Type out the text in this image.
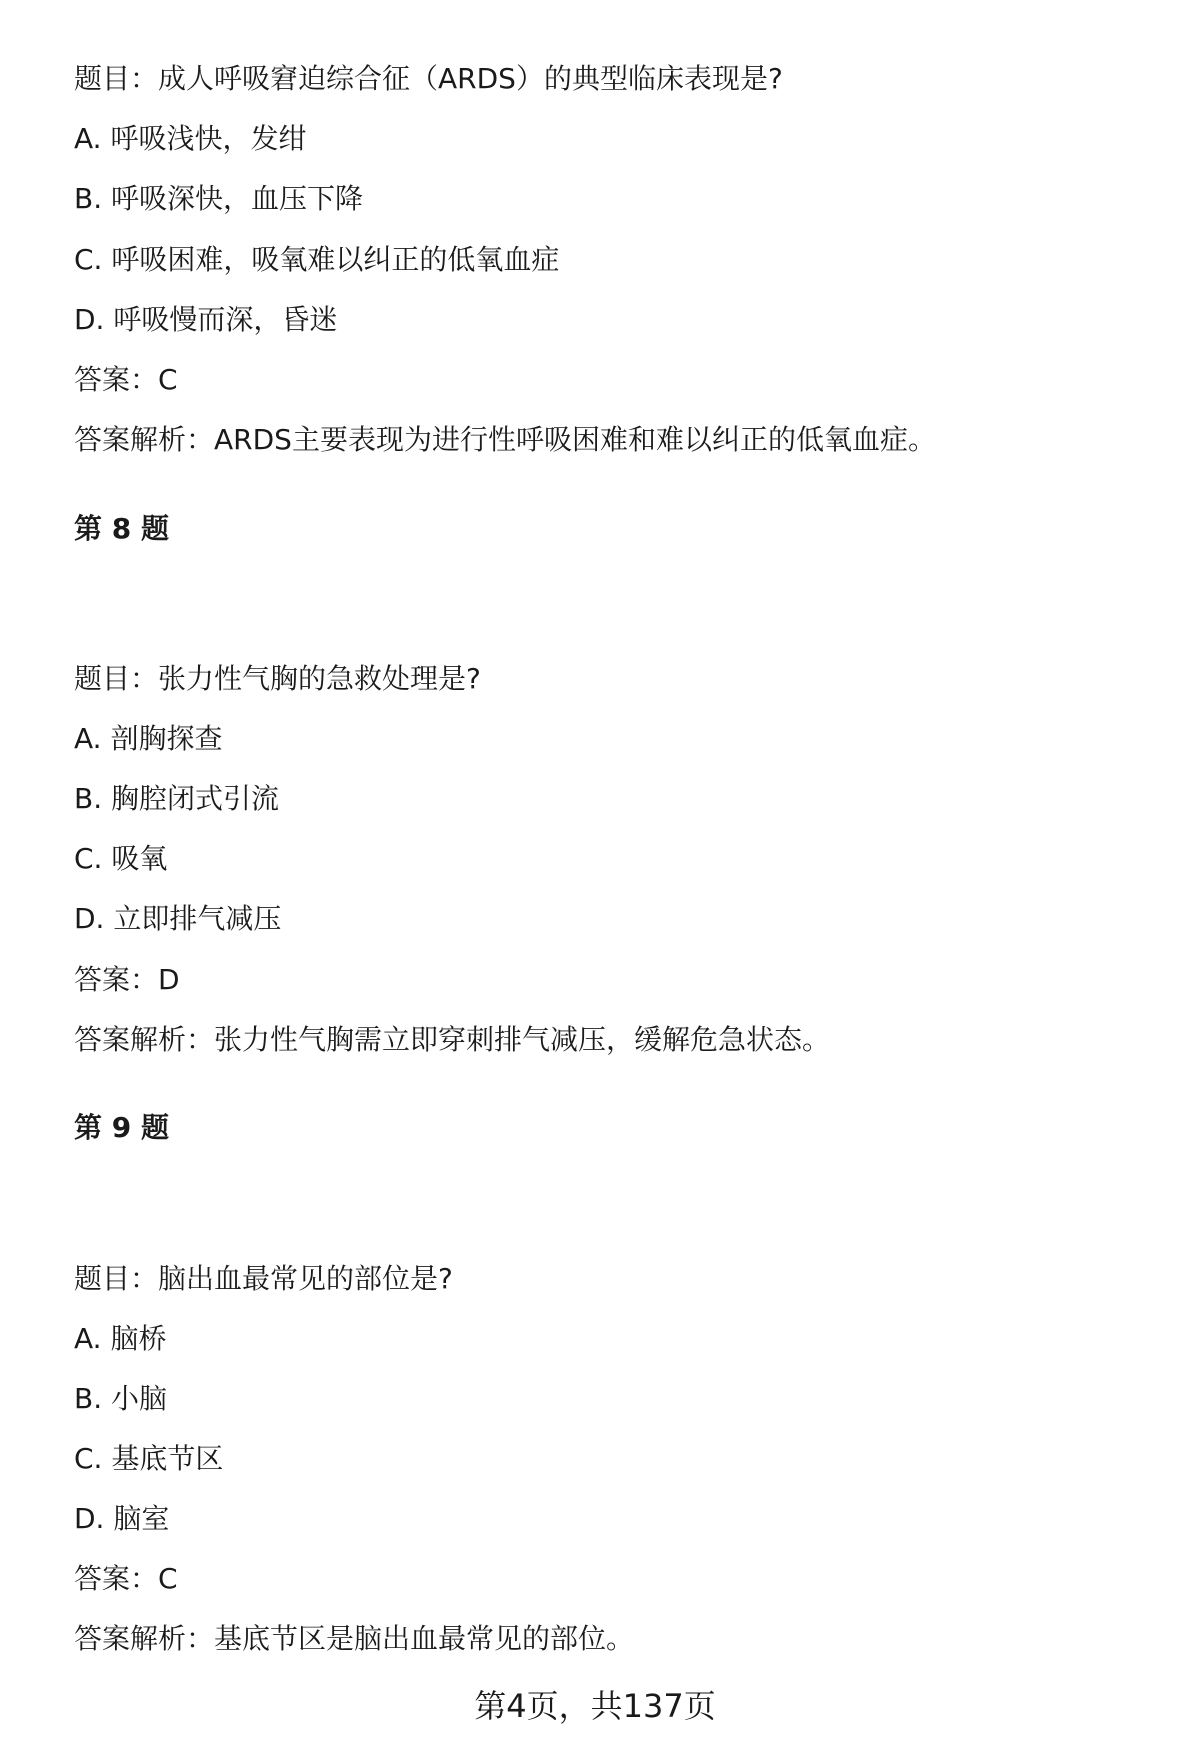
题目：成人呼吸窘迫综合征（ARDS）的典型临床表现是?
A. 呼吸浅快，发绀
B. 呼吸深快，血压下降
C. 呼吸困难，吸氧难以纠正的低氧血症
D. 呼吸慢而深，昏迷
答案：C
答案解析：ARDS主要表现为进行性呼吸困难和难以纠正的低氧血症。
第 8 题
题目：张力性气胸的急救处理是?
A. 剖胸探查
B. 胸腔闭式引流
C. 吸氧
D. 立即排气减压
答案：D
答案解析：张力性气胸需立即穿刺排气减压，缓解危急状态。
第 9 题
题目：脑出血最常见的部位是?
A. 脑桥
B. 小脑
C. 基底节区
D. 脑室
答案：C
答案解析：基底节区是脑出血最常见的部位。
第4页，共137页
